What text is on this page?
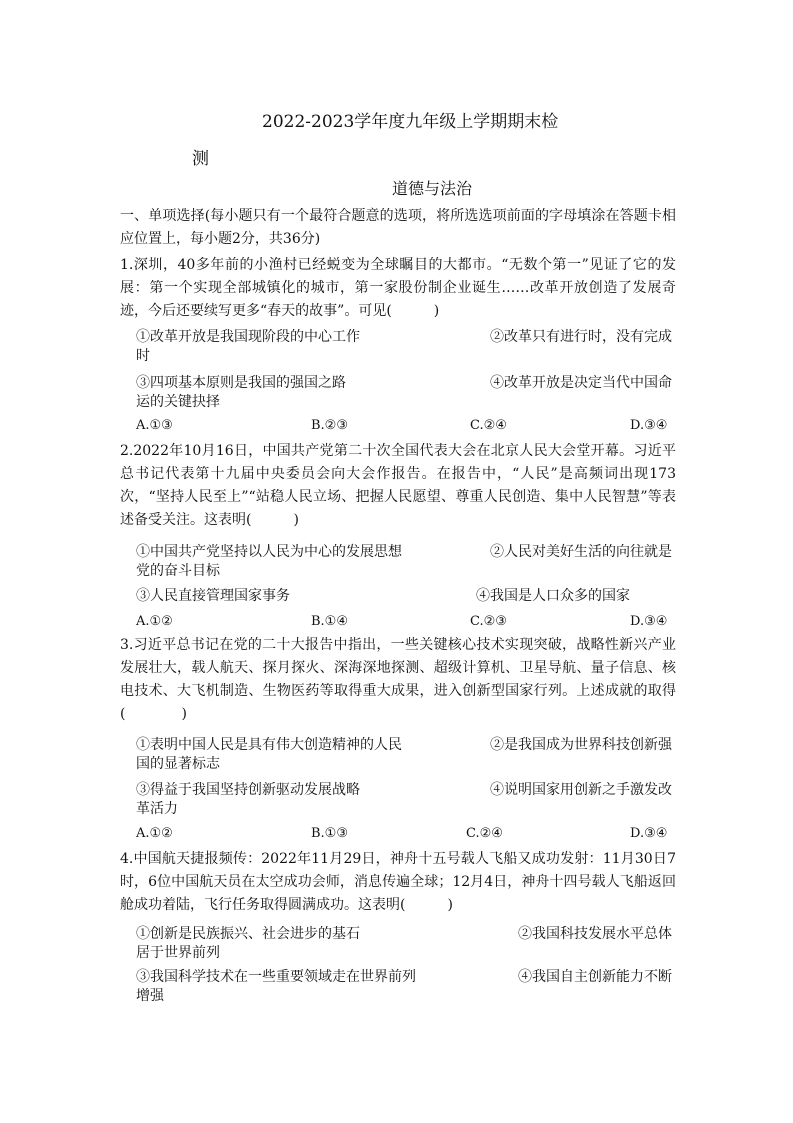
2022-2023学年度九年级上学期期末检
测
道德与法治
一、单项选择(每小题只有一个最符合题意的选项，将所选选项前面的字母填涂在答题卡相应位置上，每小题2分，共36分)
1.深圳，40多年前的小渔村已经蜕变为全球瞩目的大都市。“无数个第一”见证了它的发展：第一个实现全部城镇化的城市，第一家股份制企业诞生……改革开放创造了发展奇迹，今后还要续写更多“春天的故事”。可见(　　　)
①改革开放是我国现阶段的中心工作	②改革只有进行时，没有完成
时
③四项基本原则是我国的强国之路	④改革开放是决定当代中国命
运的关键抉择
A.①③	B.②③	C.②④	D.③④
2.2022年10月16日，中国共产党第二十次全国代表大会在北京人民大会堂开幕。习近平总书记代表第十九届中央委员会向大会作报告。在报告中，“人民”是高频词出现173次，“坚持人民至上”“站稳人民立场、把握人民愿望、尊重人民创造、集中人民智慧”等表述备受关注。这表明(　　　)
①中国共产党坚持以人民为中心的发展思想	②人民对美好生活的向往就是
党的奋斗目标
③人民直接管理国家事务	④我国是人口众多的国家
A.①②	B.①④	C.②③	D.③④
3.习近平总书记在党的二十大报告中指出，一些关键核心技术实现突破，战略性新兴产业发展壮大，载人航天、探月探火、深海深地探测、超级计算机、卫星导航、量子信息、核电技术、大飞机制造、生物医药等取得重大成果，进入创新型国家行列。上述成就的取得(　　　　)
①表明中国人民是具有伟大创造精神的人民	②是我国成为世界科技创新强
国的显著标志
③得益于我国坚持创新驱动发展战略	④说明国家用创新之手激发改
革活力
A.①②	B.①③	C.②④	D.③④
4.中国航天捷报频传：2022年11月29日，神舟十五号载人飞船又成功发射：11月30日7时，6位中国航天员在太空成功会师，消息传遍全球；12月4日，神舟十四号载人飞船返回舱成功着陆，飞行任务取得圆满成功。这表明(　　　)
①创新是民族振兴、社会进步的基石	②我国科技发展水平总体
居于世界前列
③我国科学技术在一些重要领域走在世界前列	④我国自主创新能力不断
增强
